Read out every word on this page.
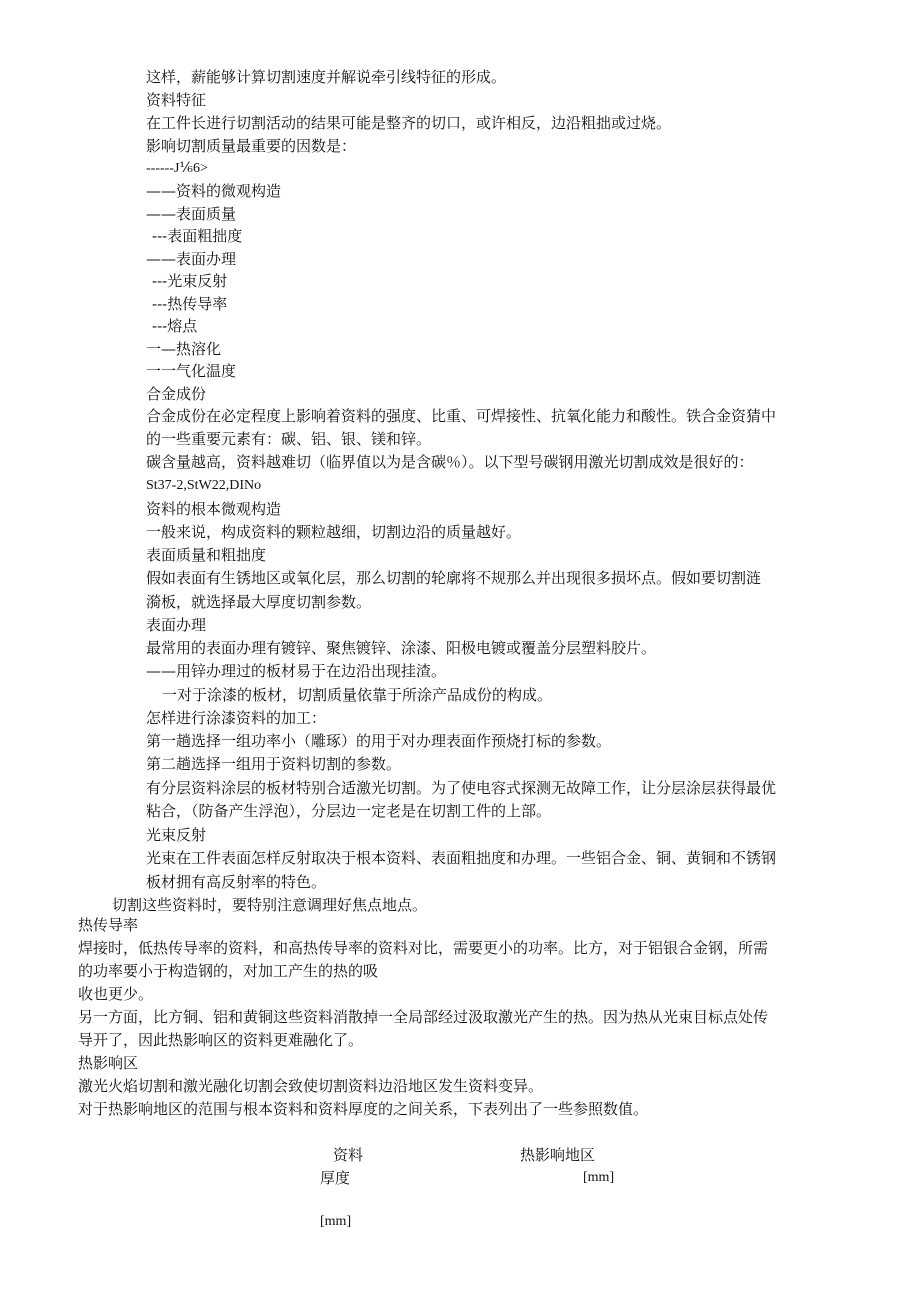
这样，薪能够计算切割速度并解说牵引线特征的形成。
资料特征
在工件长进行切割活动的结果可能是整齐的切口，或许相反，边沿粗拙或过烧。
影响切割质量最重要的因数是：
------J⅙6>
——资料的微观构造
——表面质量
---表面粗拙度
——表面办理
---光束反射
---热传导率
---熔点
一—热溶化
一一气化温度
合金成份
合金成份在必定程度上影响着资料的强度、比重、可焊接性、抗氧化能力和酸性。铁合金资猜中
的一些重要元素有：碳、铝、银、镁和锌。
碳含量越高，资料越难切（临界值以为是含碳％）。以下型号碳钢用激光切割成效是很好的：
St37-2,StW22,DINo
资料的根本微观构造
一般来说，构成资料的颗粒越细，切割边沿的质量越好。
表面质量和粗拙度
假如表面有生锈地区或氧化层，那么切割的轮廓将不规那么并出现很多损坏点。假如要切割涟
漪板，就选择最大厚度切割参数。
表面办理
最常用的表面办理有镀锌、聚焦镀锌、涂漆、阳极电镀或覆盖分层塑料胶片。
——用锌办理过的板材易于在边沿出现挂渣。
一对于涂漆的板材，切割质量依靠于所涂产品成份的构成。
怎样进行涂漆资料的加工：
第一趟选择一组功率小（雕琢）的用于对办理表面作预烧打标的参数。
第二趟选择一组用于资料切割的参数。
有分层资料涂层的板材特别合适激光切割。为了使电容式探测无故障工作，让分层涂层获得最优
粘合，（防备产生浮泡），分层边一定老是在切割工件的上部。
光束反射
光束在工件表面怎样反射取决于根本资料、表面粗拙度和办理。一些铝合金、铜、黄铜和不锈钢
板材拥有高反射率的特色。
切割这些资料时，要特别注意调理好焦点地点。
热传导率
焊接时，低热传导率的资料，和高热传导率的资料对比，需要更小的功率。比方，对于铝银合金钢，所需
的功率要小于构造钢的，对加工产生的热的吸
收也更少。
另一方面，比方铜、铝和黄铜这些资料消散掉一全局部经过汲取激光产生的热。因为热从光束目标点处传
导开了，因此热影响区的资料更难融化了。
热影响区
激光火焰切割和激光融化切割会致使切割资料边沿地区发生资料变异。
对于热影响地区的范围与根本资料和资料厚度的之间关系，下表列出了一些参照数值。
资料
厚度
[mm]
热影响地区
[mm]
